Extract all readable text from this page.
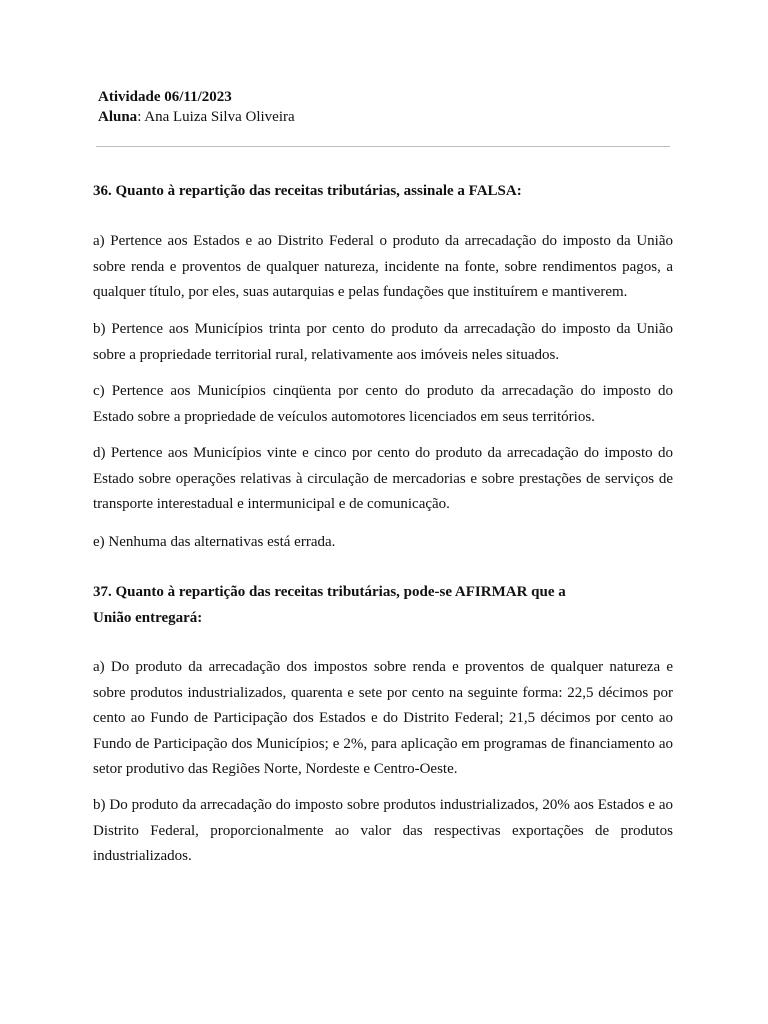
Atividade 06/11/2023
Aluna: Ana Luiza Silva Oliveira
36. Quanto à repartição das receitas tributárias, assinale a FALSA:
a) Pertence aos Estados e ao Distrito Federal o produto da arrecadação do imposto da União sobre renda e proventos de qualquer natureza, incidente na fonte, sobre rendimentos pagos, a qualquer título, por eles, suas autarquias e pelas fundações que instituírem e mantiverem.
b) Pertence aos Municípios trinta por cento do produto da arrecadação do imposto da União sobre a propriedade territorial rural, relativamente aos imóveis neles situados.
c) Pertence aos Municípios cinqüenta por cento do produto da arrecadação do imposto do Estado sobre a propriedade de veículos automotores licenciados em seus territórios.
d) Pertence aos Municípios vinte e cinco por cento do produto da arrecadação do imposto do Estado sobre operações relativas à circulação de mercadorias e sobre prestações de serviços de transporte interestadual e intermunicipal e de comunicação.
e) Nenhuma das alternativas está errada.
37. Quanto à repartição das receitas tributárias, pode-se AFIRMAR que a
União entregará:
a) Do produto da arrecadação dos impostos sobre renda e proventos de qualquer natureza e sobre produtos industrializados, quarenta e sete por cento na seguinte forma: 22,5 décimos por cento ao Fundo de Participação dos Estados e do Distrito Federal; 21,5 décimos por cento ao Fundo de Participação dos Municípios; e 2%, para aplicação em programas de financiamento ao setor produtivo das Regiões Norte, Nordeste e Centro-Oeste.
b) Do produto da arrecadação do imposto sobre produtos industrializados, 20% aos Estados e ao Distrito Federal, proporcionalmente ao valor das respectivas exportações de produtos industrializados.
